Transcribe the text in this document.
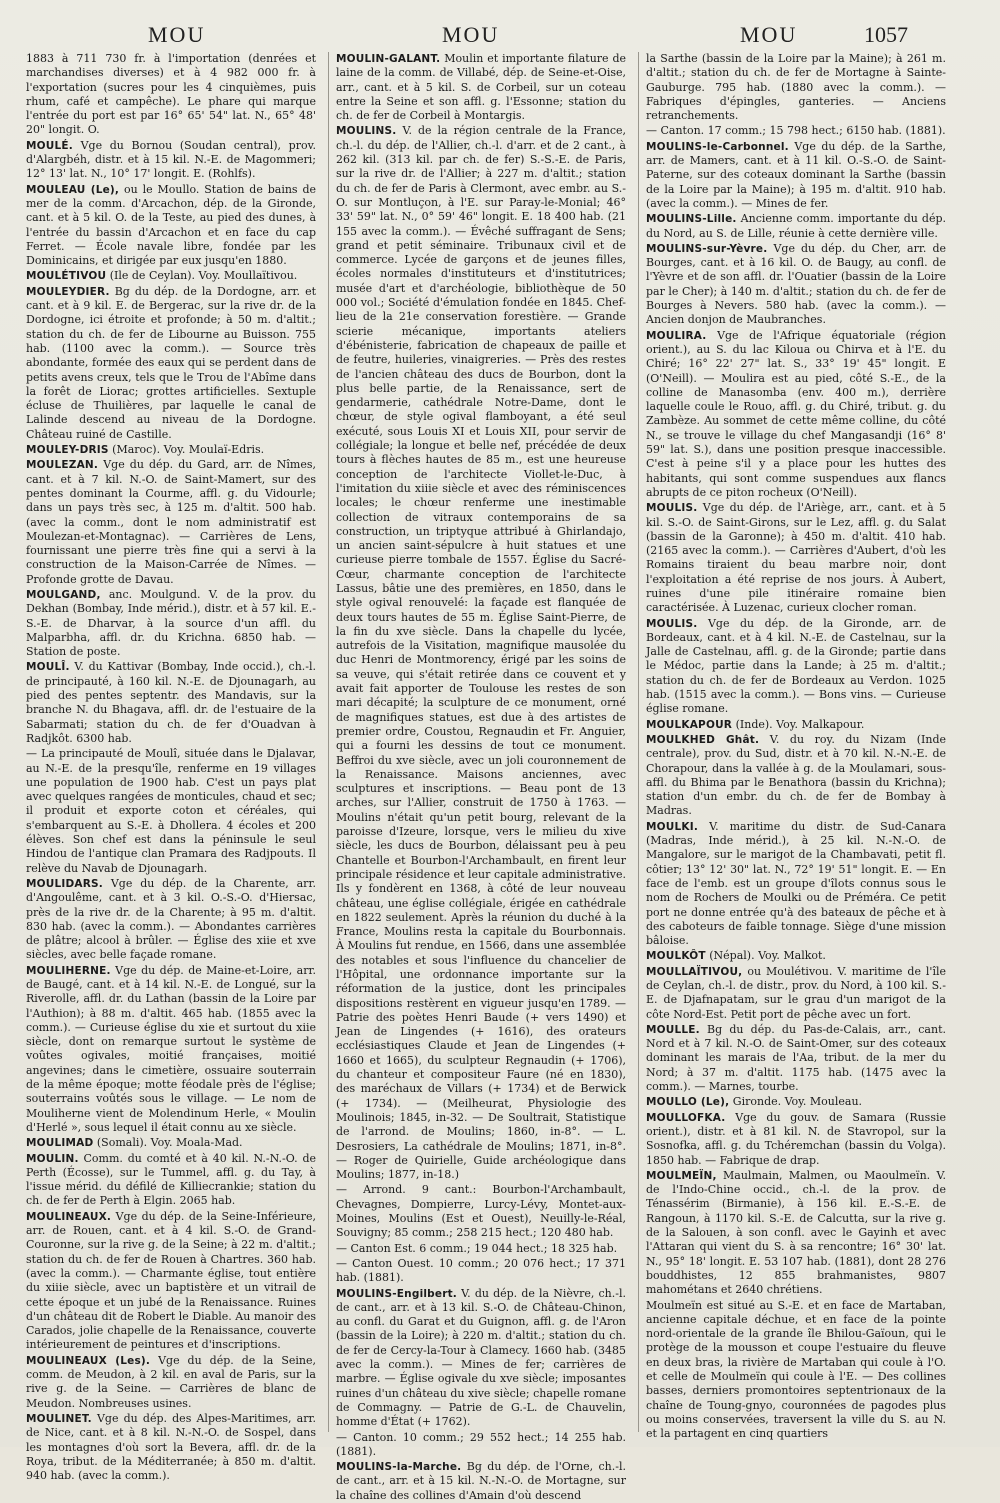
MOU	MOU	MOU	1057

1883 à 711 730 fr. à l'importation (denrées et marchandises diverses) et à 4 982 000 fr. à l'exportation (sucres pour les 4 cinquièmes, puis rhum, café et campêche). Le phare qui marque l'entrée du port est par 16° 65' 54" lat. N., 65° 48' 20" longit. O.

MOULÉ. Vge du Bornou (Soudan central), prov. d'Alargbéh, distr. et à 15 kil. N.-E. de Magommeri; 12° 13' lat. N., 10° 17' longit. E. (Rohlfs).

MOULEAU (Le), ou le Moullo. Station de bains de mer de la comm. d'Arcachon, dép. de la Gironde, cant. et à 5 kil. O. de la Teste, au pied des dunes, à l'entrée du bassin d'Arcachon et en face du cap Ferret. — École navale libre, fondée par les Dominicains, et dirigée par eux jusqu'en 1880.

MOULÉTIVOU (Ile de Ceylan). Voy. Moullaïtivou.

MOULEYDIER. Bg du dép. de la Dordogne, arr. et cant. et à 9 kil. E. de Bergerac, sur la rive dr. de la Dordogne, ici étroite et profonde; à 50 m. d'altit.; station du ch. de fer de Libourne au Buisson. 755 hab. (1100 avec la comm.). — Source très abondante, formée des eaux qui se perdent dans de petits avens creux, tels que le Trou de l'Abîme dans la forêt de Liorac; grottes artificielles. Sextuple écluse de Thuilières, par laquelle le canal de Lalinde descend au niveau de la Dordogne. Château ruiné de Castille.

MOULEY-DRIS (Maroc). Voy. Moulaï-Edris.

MOULEZAN. Vge du dép. du Gard, arr. de Nîmes, cant. et à 7 kil. N.-O. de Saint-Mamert, sur des pentes dominant la Courme, affl. g. du Vidourle; dans un pays très sec, à 125 m. d'altit. 500 hab. (avec la comm., dont le nom administratif est Moulezan-et-Montagnac). — Carrières de Lens, fournissant une pierre très fine qui a servi à la construction de la Maison-Carrée de Nîmes. — Profonde grotte de Davau.

MOULGAND, anc. Moulgund. V. de la prov. du Dekhan (Bombay, Inde mérid.), distr. et à 57 kil. E.-S.-E. de Dharvar, à la source d'un affl. du Malparbha, affl. dr. du Krichna. 6850 hab. — Station de poste.

MOULÎ. V. du Kattivar (Bombay, Inde occid.), ch.-l. de principauté, à 160 kil. N.-E. de Djounagarh, au pied des pentes septentr. des Mandavis, sur la branche N. du Bhagava, affl. dr. de l'estuaire de la Sabarmati; station du ch. de fer d'Ouadvan à Radjkôt. 6300 hab.

— La principauté de Moulî, située dans le Djalavar, au N.-E. de la presqu'île, renferme en 19 villages une population de 1900 hab. C'est un pays plat avec quelques rangées de monticules, chaud et sec; il produit et exporte coton et céréales, qui s'embarquent au S.-E. à Dhollera. 4 écoles et 200 élèves. Son chef est dans la péninsule le seul Hindou de l'antique clan Pramara des Radjpouts. Il relève du Navab de Djounagarh.

MOULIDARS. Vge du dép. de la Charente, arr. d'Angoulême, cant. et à 3 kil. O.-S.-O. d'Hiersac, près de la rive dr. de la Charente; à 95 m. d'altit. 830 hab. (avec la comm.). — Abondantes carrières de plâtre; alcool à brûler. — Église des xiie et xve siècles, avec belle façade romane.

MOULIHERNE. Vge du dép. de Maine-et-Loire, arr. de Baugé, cant. et à 14 kil. N.-E. de Longué, sur la Riverolle, affl. dr. du Lathan (bassin de la Loire par l'Authion); à 88 m. d'altit. 465 hab. (1855 avec la comm.). — Curieuse église du xie et surtout du xiie siècle, dont on remarque surtout le système de voûtes ogivales, moitié françaises, moitié angevines; dans le cimetière, ossuaire souterrain de la même époque; motte féodale près de l'église; souterrains voûtés sous le village. — Le nom de Mouliherne vient de Molendinum Herle, « Moulin d'Herlé », sous lequel il était connu au xe siècle.

MOULIMAD (Somali). Voy. Moala-Mad.

MOULIN. Comm. du comté et à 40 kil. N.-N.-O. de Perth (Écosse), sur le Tummel, affl. g. du Tay, à l'issue mérid. du défilé de Killiecrankie; station du ch. de fer de Perth à Elgin. 2065 hab.

MOULINEAUX. Vge du dép. de la Seine-Inférieure, arr. de Rouen, cant. et à 4 kil. S.-O. de Grand-Couronne, sur la rive g. de la Seine; à 22 m. d'altit.; station du ch. de fer de Rouen à Chartres. 360 hab. (avec la comm.). — Charmante église, tout entière du xiiie siècle, avec un baptistère et un vitrail de cette époque et un jubé de la Renaissance. Ruines d'un château dit de Robert le Diable. Au manoir des Carados, jolie chapelle de la Renaissance, couverte intérieurement de peintures et d'inscriptions.

MOULINEAUX (Les). Vge du dép. de la Seine, comm. de Meudon, à 2 kil. en aval de Paris, sur la rive g. de la Seine. — Carrières de blanc de Meudon. Nombreuses usines.

MOULINET. Vge du dép. des Alpes-Maritimes, arr. de Nice, cant. et à 8 kil. N.-N.-O. de Sospel, dans les montagnes d'où sort la Bevera, affl. dr. de la Roya, tribut. de la Méditerranée; à 850 m. d'altit. 940 hab. (avec la comm.).

MOULIN-GALANT. Moulin et importante filature de laine de la comm. de Villabé, dép. de Seine-et-Oise, arr., cant. et à 5 kil. S. de Corbeil, sur un coteau entre la Seine et son affl. g. l'Essonne; station du ch. de fer de Corbeil à Montargis.

MOULINS. V. de la région centrale de la France, ch.-l. du dép. de l'Allier, ch.-l. d'arr. et de 2 cant., à 262 kil. (313 kil. par ch. de fer) S.-S.-E. de Paris, sur la rive dr. de l'Allier; à 227 m. d'altit.; station du ch. de fer de Paris à Clermont, avec embr. au S.-O. sur Montluçon, à l'E. sur Paray-le-Monial; 46° 33' 59" lat. N., 0° 59' 46" longit. E. 18 400 hab. (21 155 avec la comm.). — Évêché suffragant de Sens; grand et petit séminaire. Tribunaux civil et de commerce. Lycée de garçons et de jeunes filles, écoles normales d'instituteurs et d'institutrices; musée d'art et d'archéologie, bibliothèque de 50 000 vol.; Société d'émulation fondée en 1845. Chef-lieu de la 21e conservation forestière. — Grande scierie mécanique, importants ateliers d'ébénisterie, fabrication de chapeaux de paille et de feutre, huileries, vinaigreries. — Près des restes de l'ancien château des ducs de Bourbon, dont la plus belle partie, de la Renaissance, sert de gendarmerie, cathédrale Notre-Dame, dont le chœur, de style ogival flamboyant, a été seul exécuté, sous Louis XI et Louis XII, pour servir de collégiale; la longue et belle nef, précédée de deux tours à flèches hautes de 85 m., est une heureuse conception de l'architecte Viollet-le-Duc, à l'imitation du xiiie siècle et avec des réminiscences locales; le chœur renferme une inestimable collection de vitraux contemporains de sa construction, un triptyque attribué à Ghirlandajo, un ancien saint-sépulcre à huit statues et une curieuse pierre tombale de 1557. Église du Sacré-Cœur, charmante conception de l'architecte Lassus, bâtie une des premières, en 1850, dans le style ogival renouvelé: la façade est flanquée de deux tours hautes de 55 m. Église Saint-Pierre, de la fin du xve siècle. Dans la chapelle du lycée, autrefois de la Visitation, magnifique mausolée du duc Henri de Montmorency, érigé par les soins de sa veuve, qui s'était retirée dans ce couvent et y avait fait apporter de Toulouse les restes de son mari décapité; la sculpture de ce monument, orné de magnifiques statues, est due à des artistes de premier ordre, Coustou, Regnaudin et Fr. Anguier, qui a fourni les dessins de tout ce monument. Beffroi du xve siècle, avec un joli couronnement de la Renaissance. Maisons anciennes, avec sculptures et inscriptions. — Beau pont de 13 arches, sur l'Allier, construit de 1750 à 1763. — Moulins n'était qu'un petit bourg, relevant de la paroisse d'Izeure, lorsque, vers le milieu du xive siècle, les ducs de Bourbon, délaissant peu à peu Chantelle et Bourbon-l'Archambault, en firent leur principale résidence et leur capitale administrative. Ils y fondèrent en 1368, à côté de leur nouveau château, une église collégiale, érigée en cathédrale en 1822 seulement. Après la réunion du duché à la France, Moulins resta la capitale du Bourbonnais. À Moulins fut rendue, en 1566, dans une assemblée des notables et sous l'influence du chancelier de l'Hôpital, une ordonnance importante sur la réformation de la justice, dont les principales dispositions restèrent en vigueur jusqu'en 1789. — Patrie des poètes Henri Baude (+ vers 1490) et Jean de Lingendes (+ 1616), des orateurs ecclésiastiques Claude et Jean de Lingendes (+ 1660 et 1665), du sculpteur Regnaudin (+ 1706), du chanteur et compositeur Faure (né en 1830), des maréchaux de Villars (+ 1734) et de Berwick (+ 1734). — (Meilheurat, Physiologie des Moulinois; 1845, in-32. — De Soultrait, Statistique de l'arrond. de Moulins; 1860, in-8°. — L. Desrosiers, La cathédrale de Moulins; 1871, in-8°. — Roger de Quirielle, Guide archéologique dans Moulins; 1877, in-18.)

— Arrond. 9 cant.: Bourbon-l'Archambault, Chevagnes, Dompierre, Lurcy-Lévy, Montet-aux-Moines, Moulins (Est et Ouest), Neuilly-le-Réal, Souvigny; 85 comm.; 258 215 hect.; 120 480 hab.

— Canton Est. 6 comm.; 19 044 hect.; 18 325 hab.

— Canton Ouest. 10 comm.; 20 076 hect.; 17 371 hab. (1881).

MOULINS-Engilbert. V. du dép. de la Nièvre, ch.-l. de cant., arr. et à 13 kil. S.-O. de Château-Chinon, au confl. du Garat et du Guignon, affl. g. de l'Aron (bassin de la Loire); à 220 m. d'altit.; station du ch. de fer de Cercy-la-Tour à Clamecy. 1660 hab. (3485 avec la comm.). — Mines de fer; carrières de marbre. — Église ogivale du xve siècle; imposantes ruines d'un château du xive siècle; chapelle romane de Commagny. — Patrie de G.-L. de Chauvelin, homme d'État (+ 1762).

— Canton. 10 comm.; 29 552 hect.; 14 255 hab. (1881).

MOULINS-la-Marche. Bg du dép. de l'Orne, ch.-l. de cant., arr. et à 15 kil. N.-N.-O. de Mortagne, sur la chaîne des collines d'Amain d'où descend

la Sarthe (bassin de la Loire par la Maine); à 261 m. d'altit.; station du ch. de fer de Mortagne à Sainte-Gauburge. 795 hab. (1880 avec la comm.). — Fabriques d'épingles, ganteries. — Anciens retranchements.

— Canton. 17 comm.; 15 798 hect.; 6150 hab. (1881).

MOULINS-le-Carbonnel. Vge du dép. de la Sarthe, arr. de Mamers, cant. et à 11 kil. O.-S.-O. de Saint-Paterne, sur des coteaux dominant la Sarthe (bassin de la Loire par la Maine); à 195 m. d'altit. 910 hab. (avec la comm.). — Mines de fer.

MOULINS-Lille. Ancienne comm. importante du dép. du Nord, au S. de Lille, réunie à cette dernière ville.

MOULINS-sur-Yèvre. Vge du dép. du Cher, arr. de Bourges, cant. et à 16 kil. O. de Baugy, au confl. de l'Yèvre et de son affl. dr. l'Ouatier (bassin de la Loire par le Cher); à 140 m. d'altit.; station du ch. de fer de Bourges à Nevers. 580 hab. (avec la comm.). — Ancien donjon de Maubranches.

MOULIRA. Vge de l'Afrique équatoriale (région orient.), au S. du lac Kiloua ou Chirva et à l'E. du Chiré; 16° 22' 27" lat. S., 33° 19' 45" longit. E (O'Neill). — Moulira est au pied, côté S.-E., de la colline de Manasomba (env. 400 m.), derrière laquelle coule le Rouo, affl. g. du Chiré, tribut. g. du Zambèze. Au sommet de cette même colline, du côté N., se trouve le village du chef Mangasandji (16° 8' 59" lat. S.), dans une position presque inaccessible. C'est à peine s'il y a place pour les huttes des habitants, qui sont comme suspendues aux flancs abrupts de ce piton rocheux (O'Neill).

MOULIS. Vge du dép. de l'Ariège, arr., cant. et à 5 kil. S.-O. de Saint-Girons, sur le Lez, affl. g. du Salat (bassin de la Garonne); à 450 m. d'altit. 410 hab. (2165 avec la comm.). — Carrières d'Aubert, d'où les Romains tiraient du beau marbre noir, dont l'exploitation a été reprise de nos jours. À Aubert, ruines d'une pile itinéraire romaine bien caractérisée. À Luzenac, curieux clocher roman.

MOULIS. Vge du dép. de la Gironde, arr. de Bordeaux, cant. et à 4 kil. N.-E. de Castelnau, sur la Jalle de Castelnau, affl. g. de la Gironde; partie dans le Médoc, partie dans la Lande; à 25 m. d'altit.; station du ch. de fer de Bordeaux au Verdon. 1025 hab. (1515 avec la comm.). — Bons vins. — Curieuse église romane.

MOULKAPOUR (Inde). Voy. Malkapour.

MOULKHED Ghât. V. du roy. du Nizam (Inde centrale), prov. du Sud, distr. et à 70 kil. N.-N.-E. de Chorapour, dans la vallée à g. de la Moulamari, sous-affl. du Bhima par le Benathora (bassin du Krichna); station d'un embr. du ch. de fer de Bombay à Madras.

MOULKI. V. maritime du distr. de Sud-Canara (Madras, Inde mérid.), à 25 kil. N.-N.-O. de Mangalore, sur le marigot de la Chambavati, petit fl. côtier; 13° 12' 30" lat. N., 72° 19' 51" longit. E. — En face de l'emb. est un groupe d'îlots connus sous le nom de Rochers de Moulki ou de Préméra. Ce petit port ne donne entrée qu'à des bateaux de pêche et à des caboteurs de faible tonnage. Siège d'une mission bâloise.

MOULKÔT (Népal). Voy. Malkot.

MOULLAÏTIVOU, ou Moulétivou. V. maritime de l'île de Ceylan, ch.-l. de distr., prov. du Nord, à 100 kil. S.-E. de Djafnapatam, sur le grau d'un marigot de la côte Nord-Est. Petit port de pêche avec un fort.

MOULLE. Bg du dép. du Pas-de-Calais, arr., cant. Nord et à 7 kil. N.-O. de Saint-Omer, sur des coteaux dominant les marais de l'Aa, tribut. de la mer du Nord; à 37 m. d'altit. 1175 hab. (1475 avec la comm.). — Marnes, tourbe.

MOULLO (Le), Gironde. Voy. Mouleau.

MOULLOFKA. Vge du gouv. de Samara (Russie orient.), distr. et à 81 kil. N. de Stavropol, sur la Sosnofka, affl. g. du Tchéremchan (bassin du Volga). 1850 hab. — Fabrique de drap.

MOULMEÏN, Maulmain, Malmen, ou Maoulmeïn. V. de l'Indo-Chine occid., ch.-l. de la prov. de Ténassérim (Birmanie), à 156 kil. E.-S.-E. de Rangoun, à 1170 kil. S.-E. de Calcutta, sur la rive g. de la Salouen, à son confl. avec le Gayinh et avec l'Attaran qui vient du S. à sa rencontre; 16° 30' lat. N., 95° 18' longit. E. 53 107 hab. (1881), dont 28 276 bouddhistes, 12 855 brahmanistes, 9807 mahométans et 2640 chrétiens.

Moulmeïn est situé au S.-E. et en face de Martaban, ancienne capitale déchue, et en face de la pointe nord-orientale de la grande île Bhilou-Gaïoun, qui le protège de la mousson et coupe l'estuaire du fleuve en deux bras, la rivière de Martaban qui coule à l'O. et celle de Moulmeïn qui coule à l'E. — Des collines basses, derniers promontoires septentrionaux de la chaîne de Toung-gnyo, couronnées de pagodes plus ou moins conservées, traversent la ville du S. au N. et la partagent en cinq quartiers
